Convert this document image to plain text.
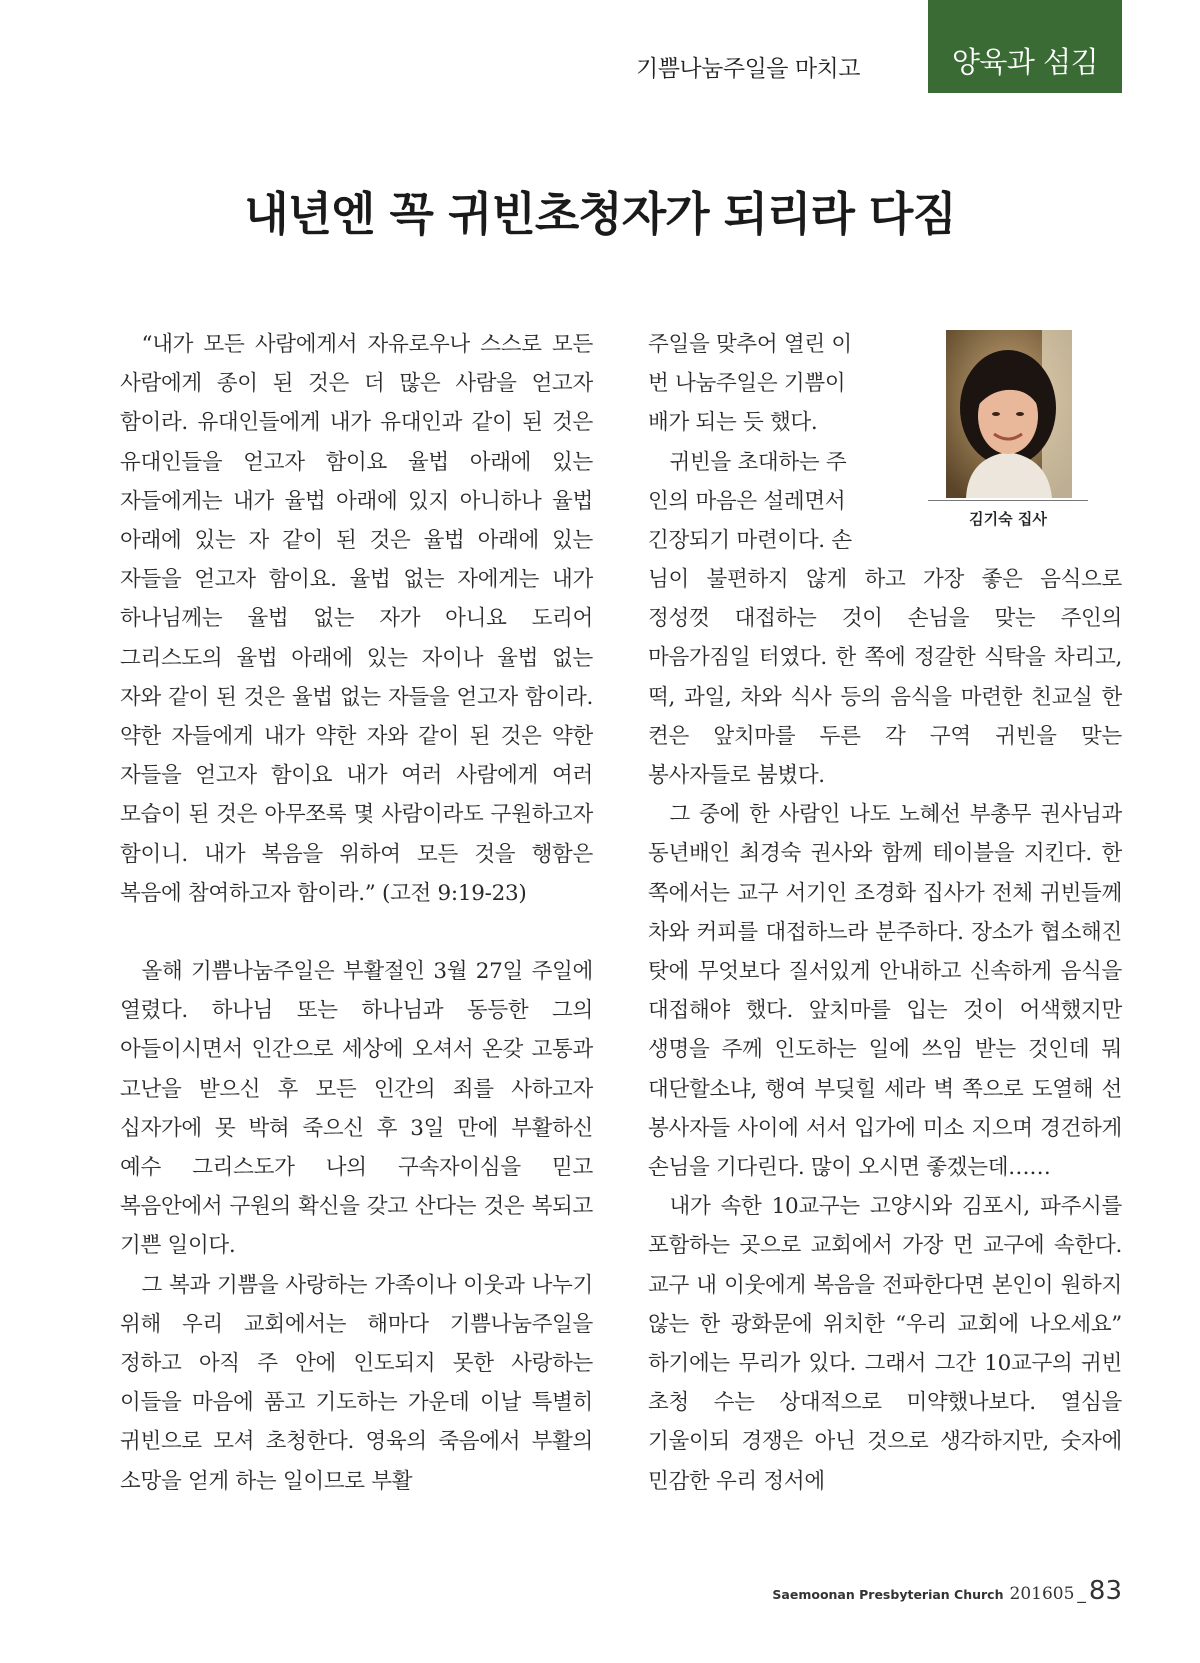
기쁨나눔주일을 마치고	양육과 섬김
내년엔 꼭 귀빈초청자가 되리라 다짐

“내가 모든 사람에게서 자유로우나 스스로 모든 사람에게 종이 된 것은 더 많은 사람을 얻고자 함이라. 유대인들에게 내가 유대인과 같이 된 것은 유대인들을 얻고자 함이요 율법 아래에 있는 자들에게는 내가 율법 아래에 있지 아니하나 율법 아래에 있는 자 같이 된 것은 율법 아래에 있는 자들을 얻고자 함이요. 율법 없는 자에게는 내가 하나님께는 율법 없는 자가 아니요 도리어 그리스도의 율법 아래에 있는 자이나 율법 없는 자와 같이 된 것은 율법 없는 자들을 얻고자 함이라. 약한 자들에게 내가 약한 자와 같이 된 것은 약한 자들을 얻고자 함이요 내가 여러 사람에게 여러 모습이 된 것은 아무쪼록 몇 사람이라도 구원하고자 함이니. 내가 복음을 위하여 모든 것을 행함은 복음에 참여하고자 함이라.” (고전 9:19-23)

올해 기쁨나눔주일은 부활절인 3월 27일 주일에 열렸다. 하나님 또는 하나님과 동등한 그의 아들이시면서 인간으로 세상에 오셔서 온갖 고통과 고난을 받으신 후 모든 인간의 죄를 사하고자 십자가에 못 박혀 죽으신 후 3일 만에 부활하신 예수 그리스도가 나의 구속자이심을 믿고 복음안에서 구원의 확신을 갖고 산다는 것은 복되고 기쁜 일이다.

그 복과 기쁨을 사랑하는 가족이나 이웃과 나누기 위해 우리 교회에서는 해마다 기쁨나눔주일을 정하고 아직 주 안에 인도되지 못한 사랑하는 이들을 마음에 품고 기도하는 가운데 이날 특별히 귀빈으로 모셔 초청한다. 영육의 죽음에서 부활의 소망을 얻게 하는 일이므로 부활

주일을 맞추어 열린 이
번 나눔주일은 기쁨이
배가 되는 듯 했다.
귀빈을 초대하는 주
인의 마음은 설레면서
긴장되기 마련이다. 손
김기숙 집사

님이 불편하지 않게 하고 가장 좋은 음식으로 정성껏 대접하는 것이 손님을 맞는 주인의 마음가짐일 터였다. 한 쪽에 정갈한 식탁을 차리고, 떡, 과일, 차와 식사 등의 음식을 마련한 친교실 한 켠은 앞치마를 두른 각 구역 귀빈을 맞는 봉사자들로 붐볐다.

그 중에 한 사람인 나도 노혜선 부총무 권사님과 동년배인 최경숙 권사와 함께 테이블을 지킨다. 한 쪽에서는 교구 서기인 조경화 집사가 전체 귀빈들께 차와 커피를 대접하느라 분주하다. 장소가 협소해진 탓에 무엇보다 질서있게 안내하고 신속하게 음식을 대접해야 했다. 앞치마를 입는 것이 어색했지만 생명을 주께 인도하는 일에 쓰임 받는 것인데 뭐 대단할소냐, 행여 부딪힐 세라 벽 쪽으로 도열해 선 봉사자들 사이에 서서 입가에 미소 지으며 경건하게 손님을 기다린다. 많이 오시면 좋겠는데……

내가 속한 10교구는 고양시와 김포시, 파주시를 포함하는 곳으로 교회에서 가장 먼 교구에 속한다. 교구 내 이웃에게 복음을 전파한다면 본인이 원하지 않는 한 광화문에 위치한 “우리 교회에 나오세요” 하기에는 무리가 있다. 그래서 그간 10교구의 귀빈 초청 수는 상대적으로 미약했나보다. 열심을 기울이되 경쟁은 아닌 것으로 생각하지만, 숫자에 민감한 우리 정서에

Saemoonan Presbyterian Church 201605 _ 83
